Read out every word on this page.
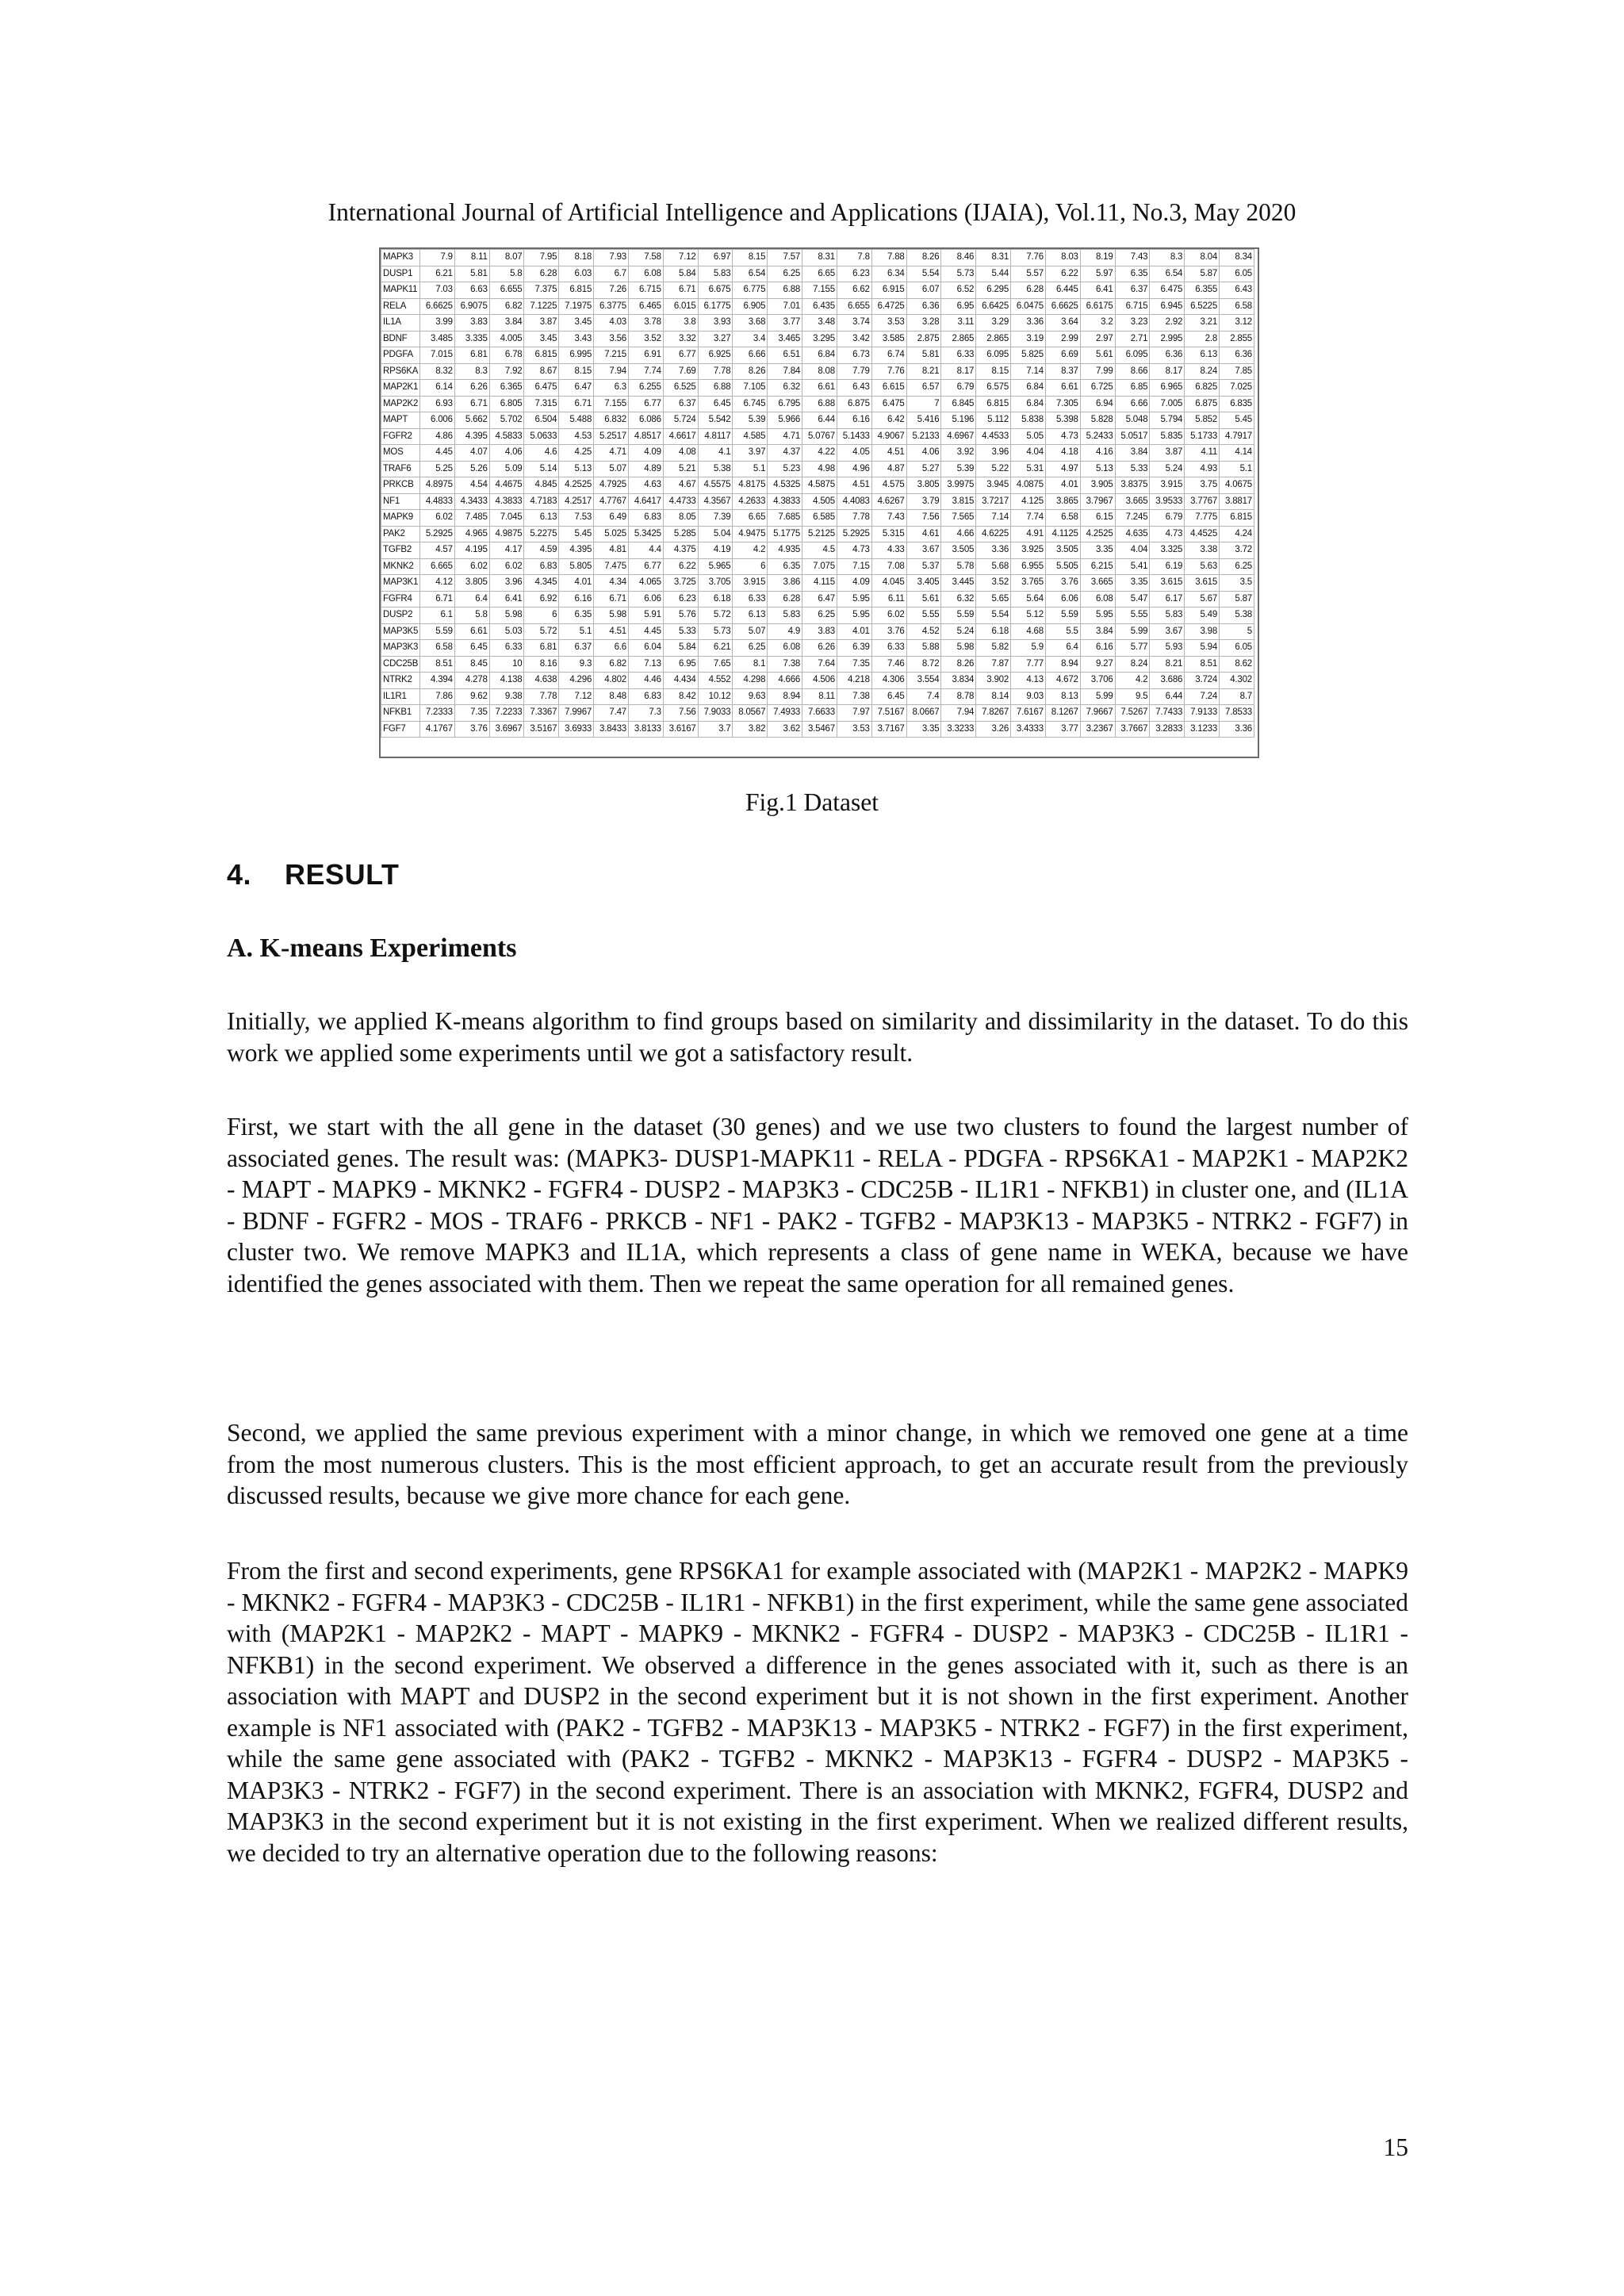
International Journal of Artificial Intelligence and Applications (IJAIA), Vol.11, No.3, May 2020
MAPK3	7.9	8.11	8.07	7.95	8.18	7.93	7.58	7.12	6.97	8.15	7.57	8.31	7.8	7.88	8.26	8.46	8.31	7.76	8.03	8.19	7.43	8.3	8.04	8.34
DUSP1	6.21	5.81	5.8	6.28	6.03	6.7	6.08	5.84	5.83	6.54	6.25	6.65	6.23	6.34	5.54	5.73	5.44	5.57	6.22	5.97	6.35	6.54	5.87	6.05
MAPK11	7.03	6.63	6.655	7.375	6.815	7.26	6.715	6.71	6.675	6.775	6.88	7.155	6.62	6.915	6.07	6.52	6.295	6.28	6.445	6.41	6.37	6.475	6.355	6.43
RELA	6.6625	6.9075	6.82	7.1225	7.1975	6.3775	6.465	6.015	6.1775	6.905	7.01	6.435	6.655	6.4725	6.36	6.95	6.6425	6.0475	6.6625	6.6175	6.715	6.945	6.5225	6.58
IL1A	3.99	3.83	3.84	3.87	3.45	4.03	3.78	3.8	3.93	3.68	3.77	3.48	3.74	3.53	3.28	3.11	3.29	3.36	3.64	3.2	3.23	2.92	3.21	3.12
BDNF	3.485	3.335	4.005	3.45	3.43	3.56	3.52	3.32	3.27	3.4	3.465	3.295	3.42	3.585	2.875	2.865	2.865	3.19	2.99	2.97	2.71	2.995	2.8	2.855
PDGFA	7.015	6.81	6.78	6.815	6.995	7.215	6.91	6.77	6.925	6.66	6.51	6.84	6.73	6.74	5.81	6.33	6.095	5.825	6.69	5.61	6.095	6.36	6.13	6.36
RPS6KA	8.32	8.3	7.92	8.67	8.15	7.94	7.74	7.69	7.78	8.26	7.84	8.08	7.79	7.76	8.21	8.17	8.15	7.14	8.37	7.99	8.66	8.17	8.24	7.85
MAP2K1	6.14	6.26	6.365	6.475	6.47	6.3	6.255	6.525	6.88	7.105	6.32	6.61	6.43	6.615	6.57	6.79	6.575	6.84	6.61	6.725	6.85	6.965	6.825	7.025
MAP2K2	6.93	6.71	6.805	7.315	6.71	7.155	6.77	6.37	6.45	6.745	6.795	6.88	6.875	6.475	7	6.845	6.815	6.84	7.305	6.94	6.66	7.005	6.875	6.835
MAPT	6.006	5.662	5.702	6.504	5.488	6.832	6.086	5.724	5.542	5.39	5.966	6.44	6.16	6.42	5.416	5.196	5.112	5.838	5.398	5.828	5.048	5.794	5.852	5.45
FGFR2	4.86	4.395	4.5833	5.0633	4.53	5.2517	4.8517	4.6617	4.8117	4.585	4.71	5.0767	5.1433	4.9067	5.2133	4.6967	4.4533	5.05	4.73	5.2433	5.0517	5.835	5.1733	4.7917
MOS	4.45	4.07	4.06	4.6	4.25	4.71	4.09	4.08	4.1	3.97	4.37	4.22	4.05	4.51	4.06	3.92	3.96	4.04	4.18	4.16	3.84	3.87	4.11	4.14
TRAF6	5.25	5.26	5.09	5.14	5.13	5.07	4.89	5.21	5.38	5.1	5.23	4.98	4.96	4.87	5.27	5.39	5.22	5.31	4.97	5.13	5.33	5.24	4.93	5.1
PRKCB	4.8975	4.54	4.4675	4.845	4.2525	4.7925	4.63	4.67	4.5575	4.8175	4.5325	4.5875	4.51	4.575	3.805	3.9975	3.945	4.0875	4.01	3.905	3.8375	3.915	3.75	4.0675
NF1	4.4833	4.3433	4.3833	4.7183	4.2517	4.7767	4.6417	4.4733	4.3567	4.2633	4.3833	4.505	4.4083	4.6267	3.79	3.815	3.7217	4.125	3.865	3.7967	3.665	3.9533	3.7767	3.8817
MAPK9	6.02	7.485	7.045	6.13	7.53	6.49	6.83	8.05	7.39	6.65	7.685	6.585	7.78	7.43	7.56	7.565	7.14	7.74	6.58	6.15	7.245	6.79	7.775	6.815
PAK2	5.2925	4.965	4.9875	5.2275	5.45	5.025	5.3425	5.285	5.04	4.9475	5.1775	5.2125	5.2925	5.315	4.61	4.66	4.6225	4.91	4.1125	4.2525	4.635	4.73	4.4525	4.24
TGFB2	4.57	4.195	4.17	4.59	4.395	4.81	4.4	4.375	4.19	4.2	4.935	4.5	4.73	4.33	3.67	3.505	3.36	3.925	3.505	3.35	4.04	3.325	3.38	3.72
MKNK2	6.665	6.02	6.02	6.83	5.805	7.475	6.77	6.22	5.965	6	6.35	7.075	7.15	7.08	5.37	5.78	5.68	6.955	5.505	6.215	5.41	6.19	5.63	6.25
MAP3K1	4.12	3.805	3.96	4.345	4.01	4.34	4.065	3.725	3.705	3.915	3.86	4.115	4.09	4.045	3.405	3.445	3.52	3.765	3.76	3.665	3.35	3.615	3.615	3.5
FGFR4	6.71	6.4	6.41	6.92	6.16	6.71	6.06	6.23	6.18	6.33	6.28	6.47	5.95	6.11	5.61	6.32	5.65	5.64	6.06	6.08	5.47	6.17	5.67	5.87
DUSP2	6.1	5.8	5.98	6	6.35	5.98	5.91	5.76	5.72	6.13	5.83	6.25	5.95	6.02	5.55	5.59	5.54	5.12	5.59	5.95	5.55	5.83	5.49	5.38
MAP3K5	5.59	6.61	5.03	5.72	5.1	4.51	4.45	5.33	5.73	5.07	4.9	3.83	4.01	3.76	4.52	5.24	6.18	4.68	5.5	3.84	5.99	3.67	3.98	5
MAP3K3	6.58	6.45	6.33	6.81	6.37	6.6	6.04	5.84	6.21	6.25	6.08	6.26	6.39	6.33	5.88	5.98	5.82	5.9	6.4	6.16	5.77	5.93	5.94	6.05
CDC25B	8.51	8.45	10	8.16	9.3	6.82	7.13	6.95	7.65	8.1	7.38	7.64	7.35	7.46	8.72	8.26	7.87	7.77	8.94	9.27	8.24	8.21	8.51	8.62
NTRK2	4.394	4.278	4.138	4.638	4.296	4.802	4.46	4.434	4.552	4.298	4.666	4.506	4.218	4.306	3.554	3.834	3.902	4.13	4.672	3.706	4.2	3.686	3.724	4.302
IL1R1	7.86	9.62	9.38	7.78	7.12	8.48	6.83	8.42	10.12	9.63	8.94	8.11	7.38	6.45	7.4	8.78	8.14	9.03	8.13	5.99	9.5	6.44	7.24	8.7
NFKB1	7.2333	7.35	7.2233	7.3367	7.9967	7.47	7.3	7.56	7.9033	8.0567	7.4933	7.6633	7.97	7.5167	8.0667	7.94	7.8267	7.6167	8.1267	7.9667	7.5267	7.7433	7.9133	7.8533
FGF7	4.1767	3.76	3.6967	3.5167	3.6933	3.8433	3.8133	3.6167	3.7	3.82	3.62	3.5467	3.53	3.7167	3.35	3.3233	3.26	3.4333	3.77	3.2367	3.7667	3.2833	3.1233	3.36
Fig.1 Dataset
4. RESULT
A. K-means Experiments

Initially, we applied K-means algorithm to find groups based on similarity and dissimilarity in the dataset. To do this work we applied some experiments until we got a satisfactory result.

First, we start with the all gene in the dataset (30 genes) and we use two clusters to found the largest number of associated genes. The result was: (MAPK3- DUSP1-MAPK11 - RELA - PDGFA - RPS6KA1 - MAP2K1 - MAP2K2 - MAPT - MAPK9 - MKNK2 - FGFR4 - DUSP2 - MAP3K3 - CDC25B - IL1R1 - NFKB1) in cluster one, and (IL1A - BDNF - FGFR2 - MOS - TRAF6 - PRKCB - NF1 - PAK2 - TGFB2 - MAP3K13 - MAP3K5 - NTRK2 - FGF7) in cluster two. We remove MAPK3 and IL1A, which represents a class of gene name in WEKA, because we have identified the genes associated with them. Then we repeat the same operation for all remained genes.

Second, we applied the same previous experiment with a minor change, in which we removed one gene at a time from the most numerous clusters. This is the most efficient approach, to get an accurate result from the previously discussed results, because we give more chance for each gene.

From the first and second experiments, gene RPS6KA1 for example associated with (MAP2K1 - MAP2K2 - MAPK9 - MKNK2 - FGFR4 - MAP3K3 - CDC25B - IL1R1 - NFKB1) in the first experiment, while the same gene associated with (MAP2K1 - MAP2K2 - MAPT - MAPK9 - MKNK2 - FGFR4 - DUSP2 - MAP3K3 - CDC25B - IL1R1 - NFKB1) in the second experiment. We observed a difference in the genes associated with it, such as there is an association with MAPT and DUSP2 in the second experiment but it is not shown in the first experiment. Another example is NF1 associated with (PAK2 - TGFB2 - MAP3K13 - MAP3K5 - NTRK2 - FGF7) in the first experiment, while the same gene associated with (PAK2 - TGFB2 - MKNK2 - MAP3K13 - FGFR4 - DUSP2 - MAP3K5 - MAP3K3 - NTRK2 - FGF7) in the second experiment. There is an association with MKNK2, FGFR4, DUSP2 and MAP3K3 in the second experiment but it is not existing in the first experiment. When we realized different results, we decided to try an alternative operation due to the following reasons:

15
